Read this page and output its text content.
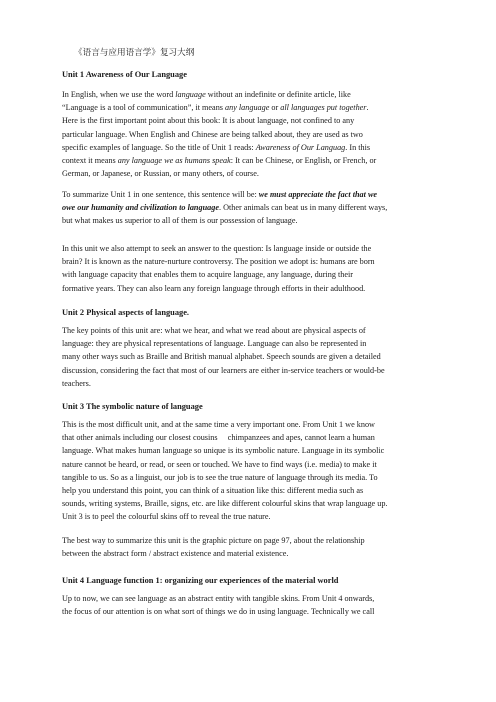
《语言与应用语言学》复习大纲
Unit 1 Awareness of Our Language
In English, when we use the word language without an indefinite or definite article, like
“Language is a tool of communication”, it means any language or all languages put together.
Here is the first important point about this book: It is about language, not confined to any
particular language. When English and Chinese are being talked about, they are used as two
specific examples of language. So the title of Unit 1 reads: Awareness of Our Languag. In this
context it means any language we as humans speak: It can be Chinese, or English, or French, or
German, or Japanese, or Russian, or many others, of course.
To summarize Unit 1 in one sentence, this sentence will be: we must appreciate the fact that we
owe our humanity and civilization to language. Other animals can beat us in many different ways,
but what makes us superior to all of them is our possession of language.
In this unit we also attempt to seek an answer to the question: Is language inside or outside the
brain? It is known as the nature-nurture controversy. The position we adopt is: humans are born
with language capacity that enables them to acquire language, any language, during their
formative years. They can also learn any foreign language through efforts in their adulthood.
Unit 2 Physical aspects of language.
The key points of this unit are: what we hear, and what we read about are physical aspects of
language: they are physical representations of language. Language can also be represented in
many other ways such as Braille and British manual alphabet. Speech sounds are given a detailed
discussion, considering the fact that most of our learners are either in-service teachers or would-be
teachers.
Unit 3 The symbolic nature of language
This is the most difficult unit, and at the same time a very important one. From Unit 1 we know
that other animals including our closest cousins     chimpanzees and apes, cannot learn a human
language. What makes human language so unique is its symbolic nature. Language in its symbolic
nature cannot be heard, or read, or seen or touched. We have to find ways (i.e. media) to make it
tangible to us. So as a linguist, our job is to see the true nature of language through its media. To
help you understand this point, you can think of a situation like this: different media such as
sounds, writing systems, Braille, signs, etc. are like different colourful skins that wrap language up.
Unit 3 is to peel the colourful skins off to reveal the true nature.
The best way to summarize this unit is the graphic picture on page 97, about the relationship
between the abstract form / abstract existence and material existence.
Unit 4 Language function 1: organizing our experiences of the material world
Up to now, we can see language as an abstract entity with tangible skins. From Unit 4 onwards,
the focus of our attention is on what sort of things we do in using language. Technically we call
